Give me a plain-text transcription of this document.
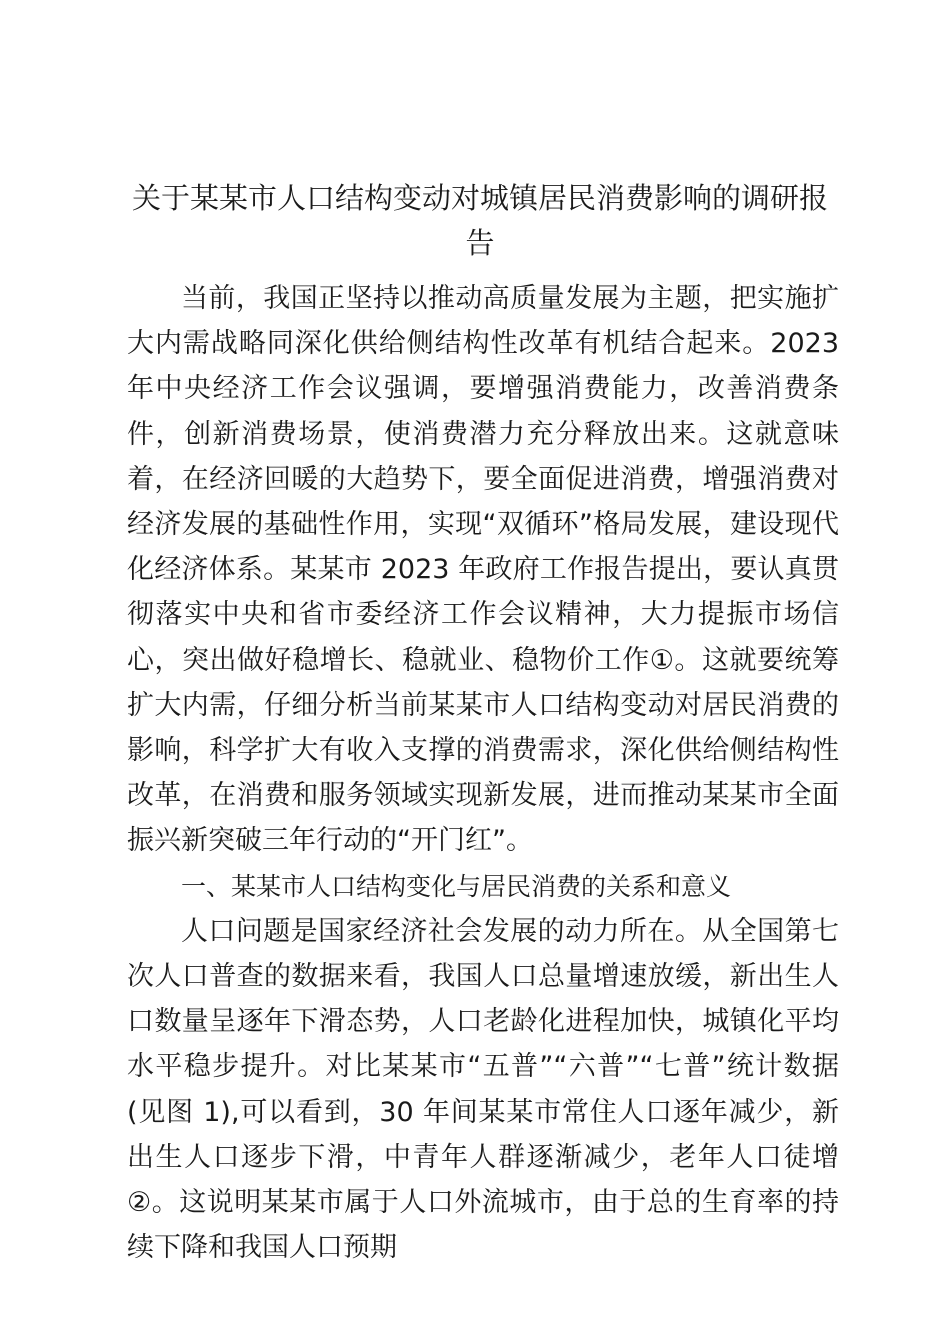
关于某某市人口结构变动对城镇居民消费影响的调研报告

当前，我国正坚持以推动高质量发展为主题，把实施扩大内需战略同深化供给侧结构性改革有机结合起来。2023 年中央经济工作会议强调，要增强消费能力，改善消费条件，创新消费场景，使消费潜力充分释放出来。这就意味着，在经济回暖的大趋势下，要全面促进消费，增强消费对经济发展的基础性作用，实现“双循环”格局发展，建设现代化经济体系。某某市 2023 年政府工作报告提出，要认真贯彻落实中央和省市委经济工作会议精神，大力提振市场信心，突出做好稳增长、稳就业、稳物价工作①。这就要统筹扩大内需，仔细分析当前某某市人口结构变动对居民消费的影响，科学扩大有收入支撑的消费需求，深化供给侧结构性改革，在消费和服务领域实现新发展，进而推动某某市全面振兴新突破三年行动的“开门红”。

一、某某市人口结构变化与居民消费的关系和意义

人口问题是国家经济社会发展的动力所在。从全国第七次人口普查的数据来看，我国人口总量增速放缓，新出生人口数量呈逐年下滑态势，人口老龄化进程加快，城镇化平均水平稳步提升。对比某某市“五普”“六普”“七普”统计数据(见图 1),可以看到，30 年间某某市常住人口逐年减少，新出生人口逐步下滑，中青年人群逐渐减少，老年人口徒增②。这说明某某市属于人口外流城市，由于总的生育率的持续下降和我国人口预期
